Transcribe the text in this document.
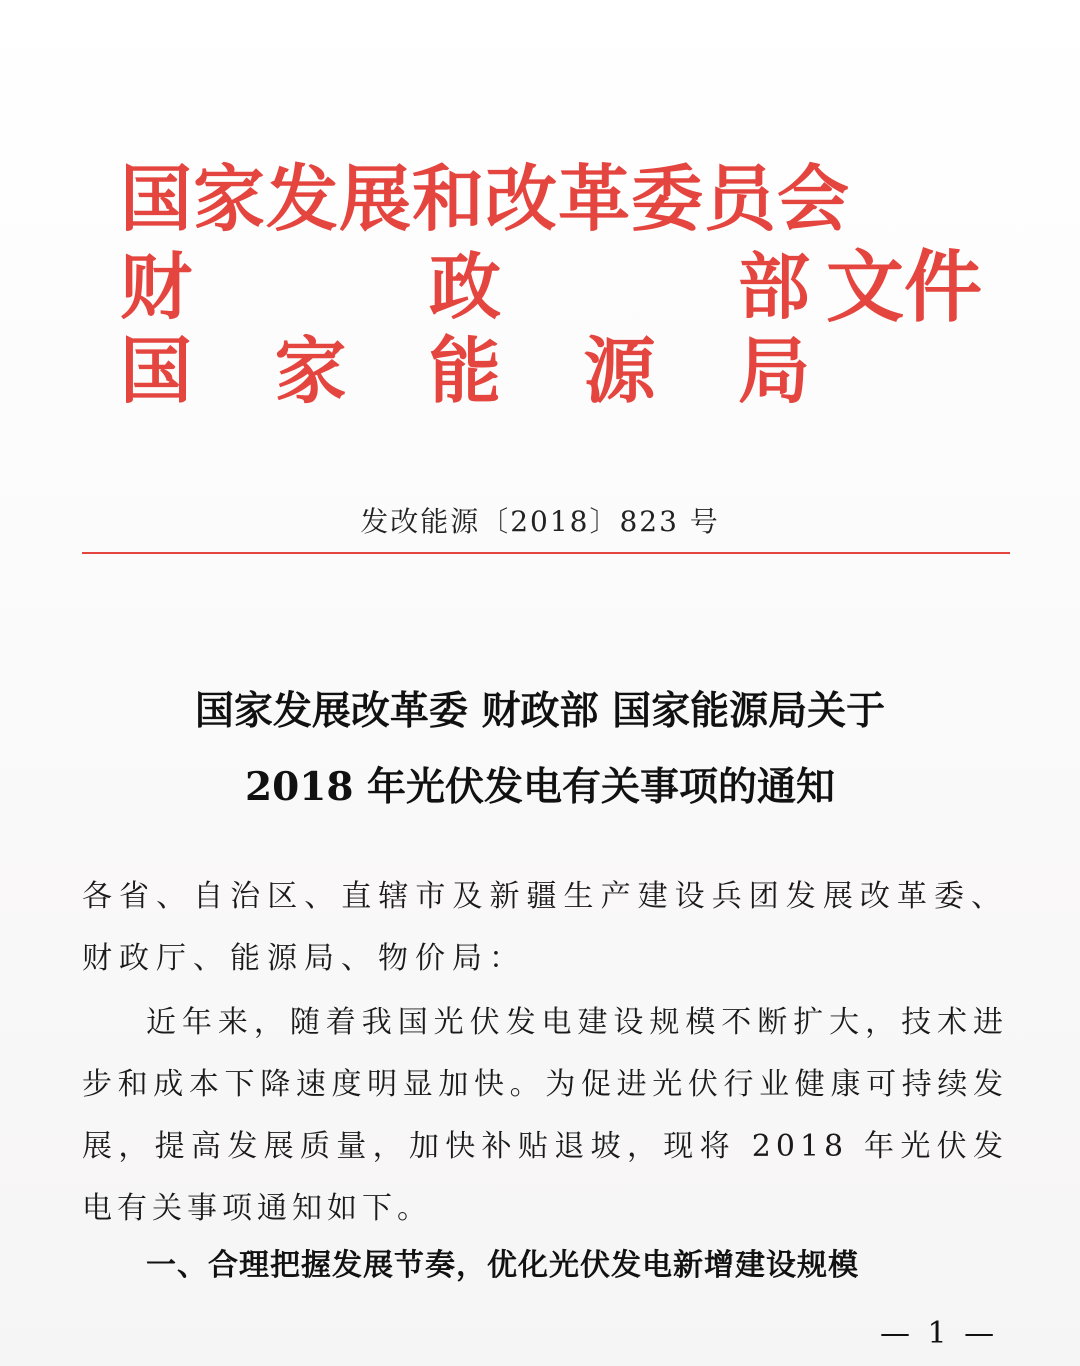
国家发展和改革委员会
财	政	部
国 家 能 源 局
文件
发改能源〔2018〕823 号
国家发展改革委 财政部 国家能源局关于
2018 年光伏发电有关事项的通知
各省、自治区、直辖市及新疆生产建设兵团发展改革委、财政厅、能源局、物价局：
近年来，随着我国光伏发电建设规模不断扩大，技术进步和成本下降速度明显加快。为促进光伏行业健康可持续发展，提高发展质量，加快补贴退坡，现将 2018 年光伏发电有关事项通知如下。
一、合理把握发展节奏，优化光伏发电新增建设规模
— 1 —
